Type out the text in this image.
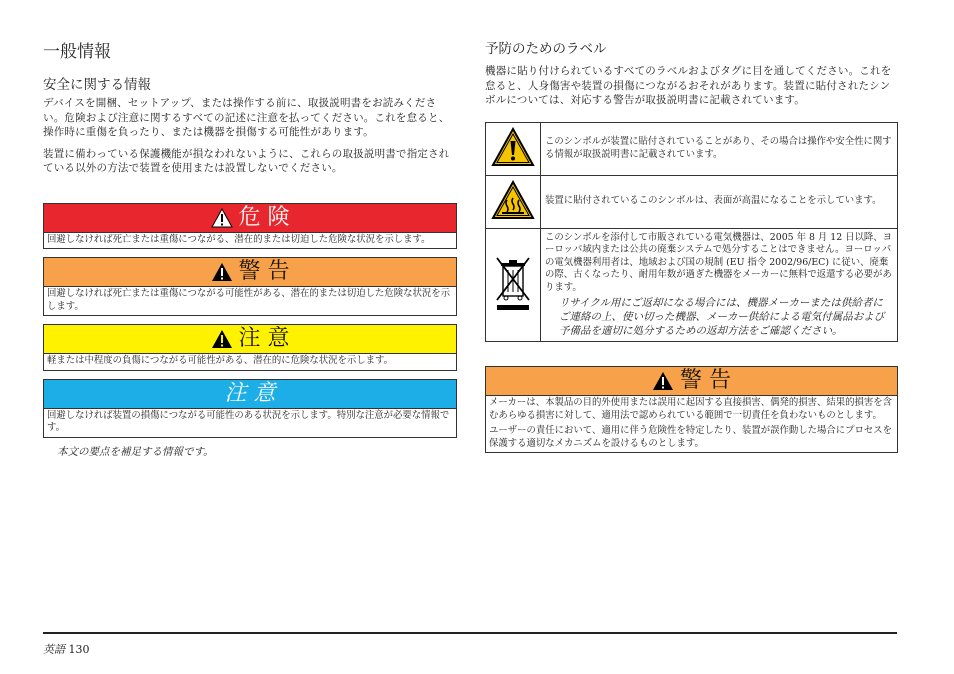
一般情報
安全に関する情報

デバイスを開梱、セットアップ、または操作する前に、取扱説明書をお読みください。危険および注意に関するすべての記述に注意を払ってください。これを怠ると、操作時に重傷を負ったり、または機器を損傷する可能性があります。

装置に備わっている保護機能が損なわれないように、これらの取扱説明書で指定されている以外の方法で装置を使用または設置しないでください。

危 険
回避しなければ死亡または重傷につながる、潜在的または切迫した危険な状況を示します。
警 告
回避しなければ死亡または重傷につながる可能性がある、潜在的または切迫した危険な状況を示します。
注 意
軽または中程度の負傷につながる可能性がある、潜在的に危険な状況を示します。
注 意
回避しなければ装置の損傷につながる可能性のある状況を示します。特別な注意が必要な情報です。
本文の要点を補足する情報です。
予防のためのラベル

機器に貼り付けられているすべてのラベルおよびタグに目を通してください。これを 怠ると、人身傷害や装置の損傷につながるおそれがあります。装置に貼付されたシンボルについては、対応する警告が取扱説明書に記載されています。

	このシンボルが装置に貼付されていることがあり、その場合は操作や安全性に関する情報が取扱説明書に記載されています。
	装置に貼付されているこのシンボルは、表面が高温になることを示しています。

このシンボルを添付して市販されている電気機器は、2005 年 8 月 12 日以降、ヨーロッパ域内または公共の廃棄システムで処分することはできません。ヨーロッパの電気機器利用者は、地域および国の規制 (EU 指令 2002/96/EC) に従い、廃棄の際、古くなったり、耐用年数が過ぎた機器をメーカーに無料で返還する必要があります。
リサイクル用にご返却になる場合には、機器メーカーまたは供給者にご連絡の上、使い切った機器、メーカー供給による電気付属品および予備品を適切に処分するための返却方法をご確認ください。
警 告
メーカーは、本製品の目的外使用または誤用に起因する直接損害、偶発的損害、結果的損害を含むあらゆる損害に対して、適用法で認められている範囲で一切責任を負わないものとします。
ユーザーの責任において、適用に伴う危険性を特定したり、装置が誤作動した場合にプロセスを保護する適切なメカニズムを設けるものとします。
英語 130
